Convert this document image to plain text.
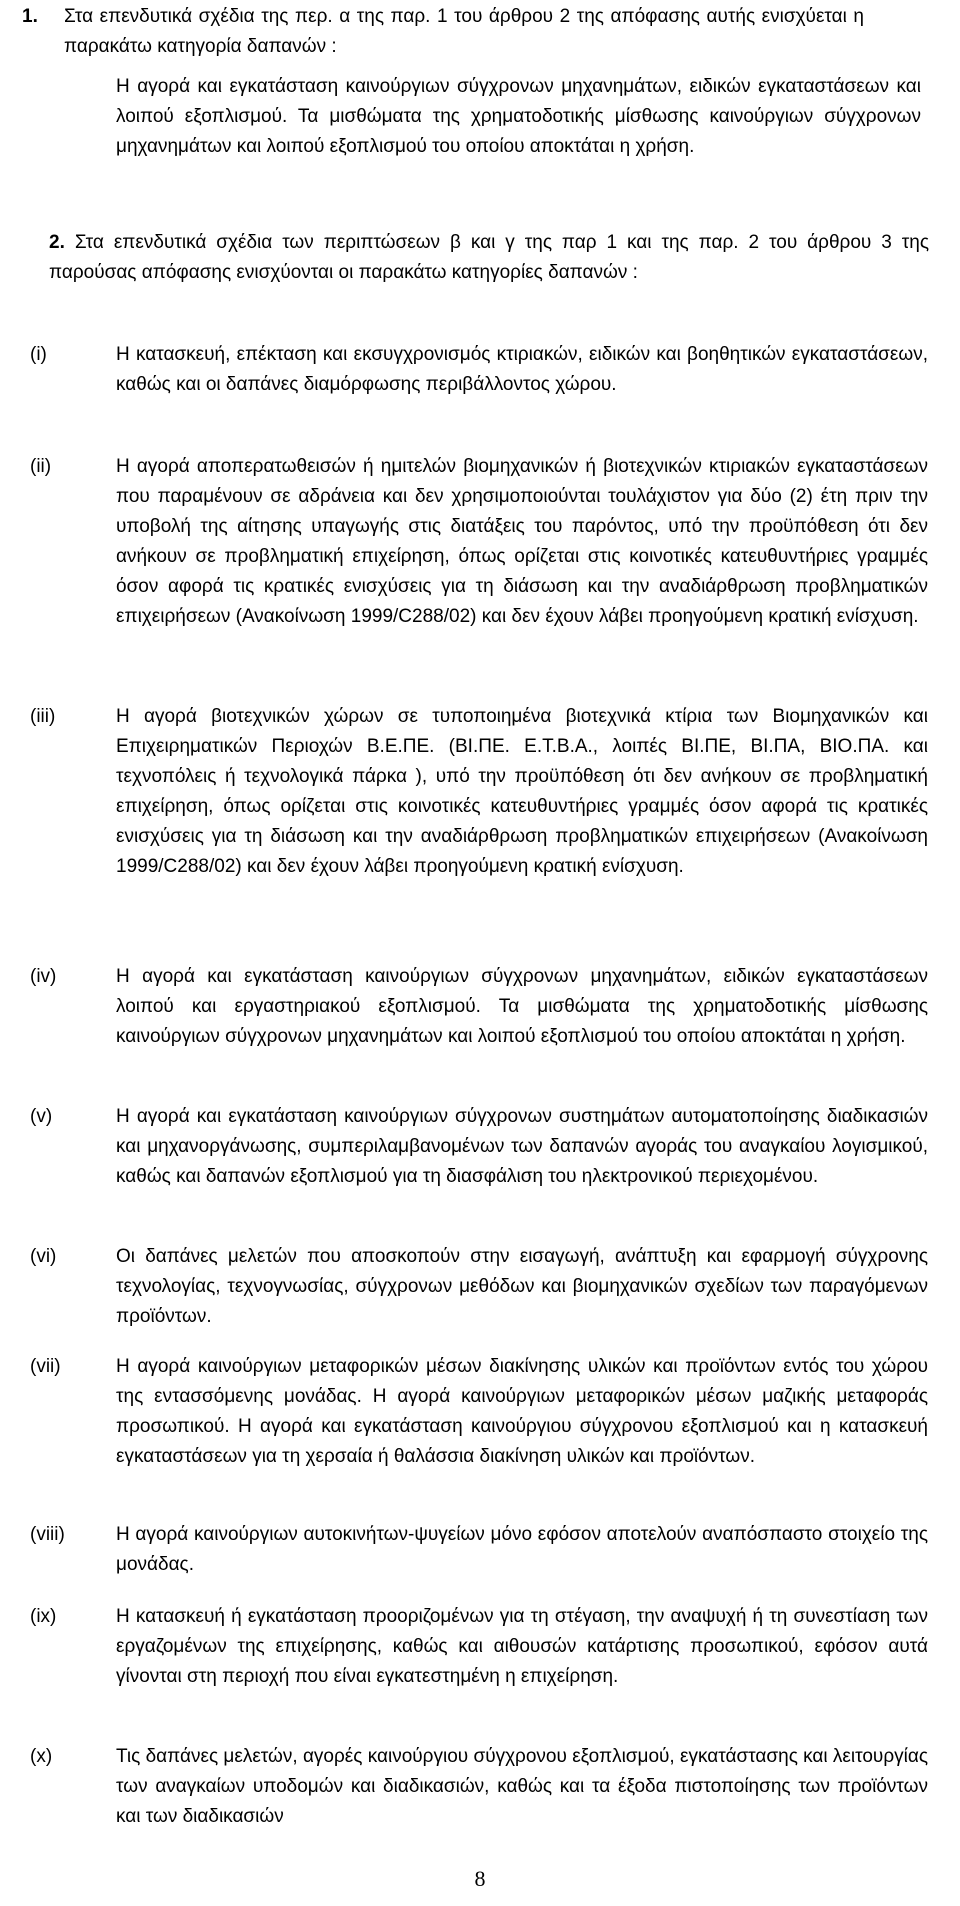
1.	Στα επενδυτικά σχέδια της περ. α της παρ. 1 του άρθρου 2 της απόφασης αυτής ενισχύεται η παρακάτω κατηγορία δαπανών :
Η αγορά και εγκατάσταση καινούργιων σύγχρονων μηχανημάτων, ειδικών εγκαταστάσεων και λοιπού εξοπλισμού. Τα μισθώματα της χρηματοδοτικής μίσθωσης καινούργιων σύγχρονων μηχανημάτων και λοιπού εξοπλισμού του οποίου αποκτάται η χρήση.
2. Στα επενδυτικά σχέδια των περιπτώσεων β και γ της παρ 1 και της παρ. 2 του άρθρου 3 της παρούσας απόφασης ενισχύονται οι παρακάτω κατηγορίες δαπανών :
(i)	Η κατασκευή, επέκταση και εκσυγχρονισμός κτιριακών, ειδικών και βοηθητικών εγκαταστάσεων, καθώς και οι δαπάνες διαμόρφωσης περιβάλλοντος χώρου.
(ii)	Η αγορά αποπερατωθεισών ή ημιτελών βιομηχανικών ή βιοτεχνικών κτιριακών εγκαταστάσεων που παραμένουν σε αδράνεια και δεν χρησιμοποιούνται τουλάχιστον για δύο (2) έτη πριν την υποβολή της αίτησης υπαγωγής στις διατάξεις του παρόντος, υπό την προϋπόθεση ότι δεν ανήκουν σε προβληματική επιχείρηση, όπως ορίζεται στις κοινοτικές κατευθυντήριες γραμμές όσον αφορά τις κρατικές ενισχύσεις για τη διάσωση και την αναδιάρθρωση προβληματικών επιχειρήσεων (Ανακοίνωση 1999/C288/02) και δεν έχουν λάβει προηγούμενη κρατική ενίσχυση.
(iii)	Η αγορά βιοτεχνικών χώρων σε τυποποιημένα βιοτεχνικά κτίρια των Βιομηχανικών και Επιχειρηματικών Περιοχών Β.Ε.ΠΕ. (ΒΙ.ΠΕ. Ε.Τ.Β.Α., λοιπές ΒΙ.ΠΕ, ΒΙ.ΠΑ, ΒΙΟ.ΠΑ. και τεχνοπόλεις ή τεχνολογικά πάρκα ), υπό την προϋπόθεση ότι δεν ανήκουν σε προβληματική επιχείρηση, όπως ορίζεται στις κοινοτικές κατευθυντήριες γραμμές όσον αφορά τις κρατικές ενισχύσεις για τη διάσωση και την αναδιάρθρωση προβληματικών επιχειρήσεων (Ανακοίνωση 1999/C288/02) και δεν έχουν λάβει προηγούμενη κρατική ενίσχυση.
(iv)	Η αγορά και εγκατάσταση καινούργιων σύγχρονων μηχανημάτων, ειδικών εγκαταστάσεων λοιπού και εργαστηριακού εξοπλισμού. Τα μισθώματα της χρηματοδοτικής μίσθωσης καινούργιων σύγχρονων μηχανημάτων και λοιπού εξοπλισμού του οποίου αποκτάται η χρήση.
(v)	Η αγορά και εγκατάσταση καινούργιων σύγχρονων συστημάτων αυτοματοποίησης διαδικασιών και μηχανοργάνωσης, συμπεριλαμβανομένων των δαπανών αγοράς του αναγκαίου λογισμικού, καθώς και δαπανών εξοπλισμού για τη διασφάλιση του ηλεκτρονικού περιεχομένου.
(vi)	Οι δαπάνες μελετών που αποσκοπούν στην εισαγωγή, ανάπτυξη και εφαρμογή σύγχρονης τεχνολογίας, τεχνογνωσίας, σύγχρονων μεθόδων και βιομηχανικών σχεδίων των παραγόμενων προϊόντων.
(vii)	Η αγορά καινούργιων μεταφορικών μέσων διακίνησης υλικών και προϊόντων εντός του χώρου της εντασσόμενης μονάδας. Η αγορά καινούργιων μεταφορικών μέσων μαζικής μεταφοράς προσωπικού. Η αγορά και εγκατάσταση καινούργιου σύγχρονου εξοπλισμού και η κατασκευή εγκαταστάσεων για τη χερσαία ή θαλάσσια διακίνηση υλικών και προϊόντων.
(viii)	Η αγορά καινούργιων αυτοκινήτων-ψυγείων μόνο εφόσον αποτελούν αναπόσπαστο στοιχείο της μονάδας.
(ix)	Η κατασκευή ή εγκατάσταση προοριζομένων για τη στέγαση, την αναψυχή ή τη συνεστίαση των εργαζομένων της επιχείρησης, καθώς και αιθουσών κατάρτισης προσωπικού, εφόσον αυτά γίνονται στη περιοχή που είναι εγκατεστημένη η επιχείρηση.
(x)	Τις δαπάνες μελετών, αγορές καινούργιου σύγχρονου εξοπλισμού, εγκατάστασης και λειτουργίας των αναγκαίων υποδομών και διαδικασιών, καθώς και τα έξοδα πιστοποίησης των προϊόντων και των διαδικασιών
8
